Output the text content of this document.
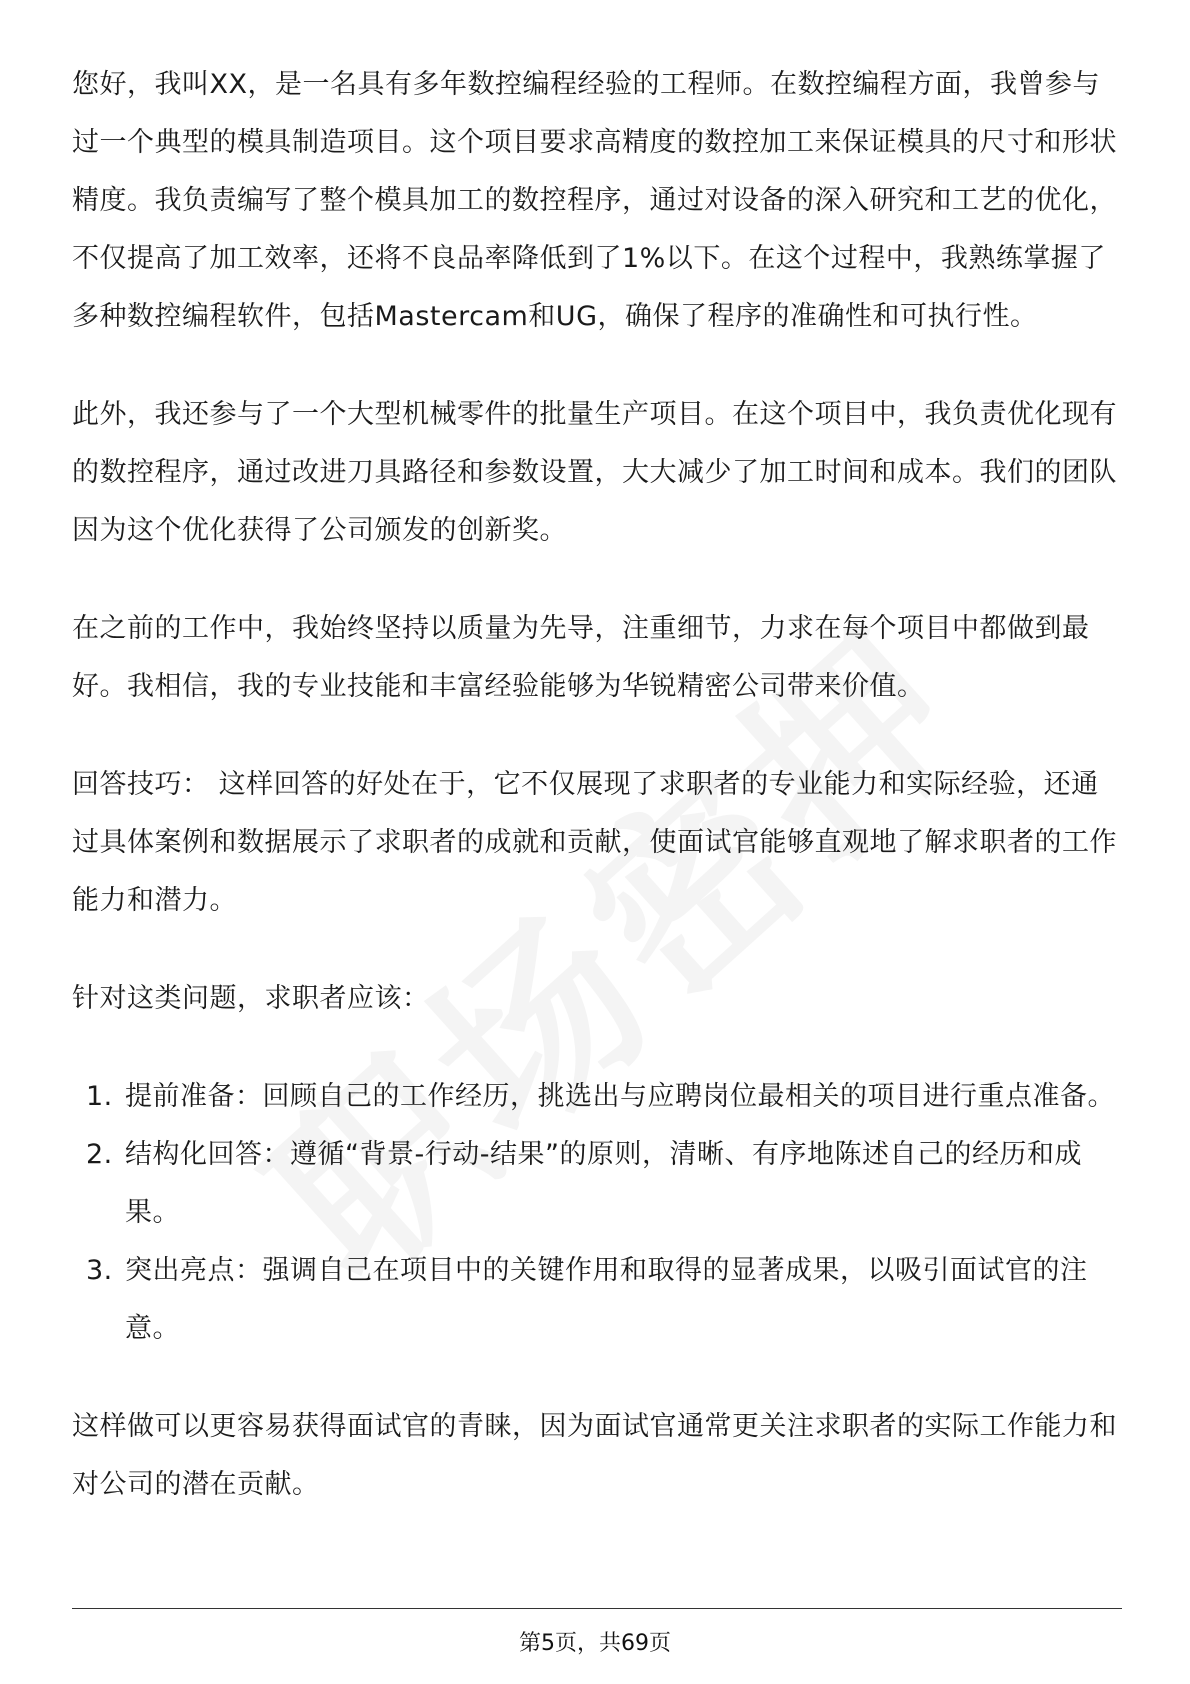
您好，我叫XX，是一名具有多年数控编程经验的工程师。在数控编程方面，我曾参与过一个典型的模具制造项目。这个项目要求高精度的数控加工来保证模具的尺寸和形状精度。我负责编写了整个模具加工的数控程序，通过对设备的深入研究和工艺的优化，不仅提高了加工效率，还将不良品率降低到了1%以下。在这个过程中，我熟练掌握了多种数控编程软件，包括Mastercam和UG，确保了程序的准确性和可执行性。

此外，我还参与了一个大型机械零件的批量生产项目。在这个项目中，我负责优化现有的数控程序，通过改进刀具路径和参数设置，大大减少了加工时间和成本。我们的团队因为这个优化获得了公司颁发的创新奖。

在之前的工作中，我始终坚持以质量为先导，注重细节，力求在每个项目中都做到最好。我相信，我的专业技能和丰富经验能够为华锐精密公司带来价值。

回答技巧： 这样回答的好处在于，它不仅展现了求职者的专业能力和实际经验，还通过具体案例和数据展示了求职者的成就和贡献，使面试官能够直观地了解求职者的工作能力和潜力。

针对这类问题，求职者应该：

1. 提前准备：回顾自己的工作经历，挑选出与应聘岗位最相关的项目进行重点准备。
2. 结构化回答：遵循“背景-行动-结果”的原则，清晰、有序地陈述自己的经历和成果。
3. 突出亮点：强调自己在项目中的关键作用和取得的显著成果，以吸引面试官的注意。

这样做可以更容易获得面试官的青睐，因为面试官通常更关注求职者的实际工作能力和对公司的潜在贡献。

第5页，共69页
